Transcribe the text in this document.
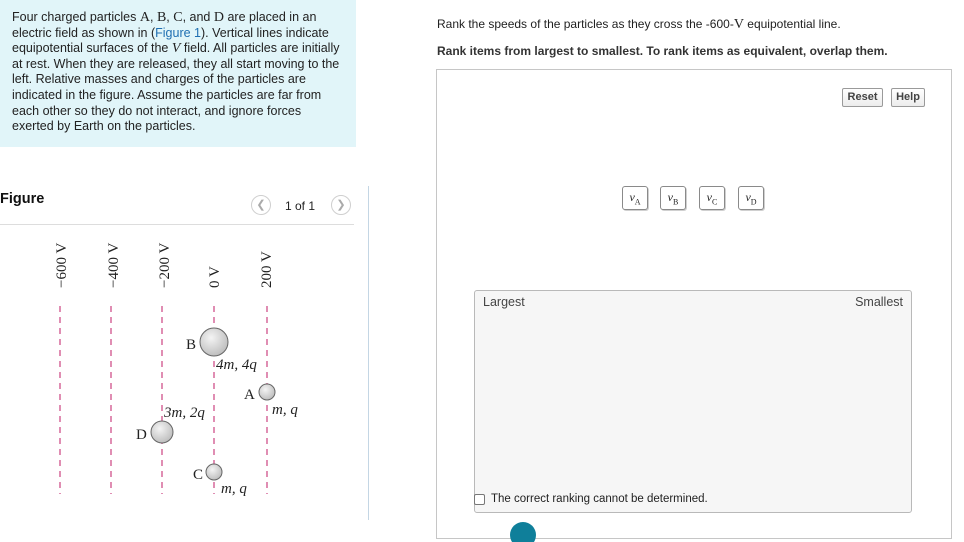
Four charged particles A, B, C, and D are placed in an electric field as shown in (Figure 1). Vertical lines indicate equipotential surfaces of the V field. All particles are initially at rest. When they are released, they all start moving to the left. Relative masses and charges of the particles are indicated in the figure. Assume the particles are far from each other so they do not interact, and ignore forces exerted by Earth on the particles.
Figure	❮	1 of 1	❯
−600 V −400 V −200 V 0 V 200 V
B
4m, 4q
A
m, q
D
3m, 2q
C
m, q
Rank the speeds of the particles as they cross the -600-V equipotential line.
Rank items from largest to smallest. To rank items as equivalent, overlap them.
Reset	Help
$v_A$	$v_B$	$v_C$	$v_D$
Largest	Smallest
The correct ranking cannot be determined.
